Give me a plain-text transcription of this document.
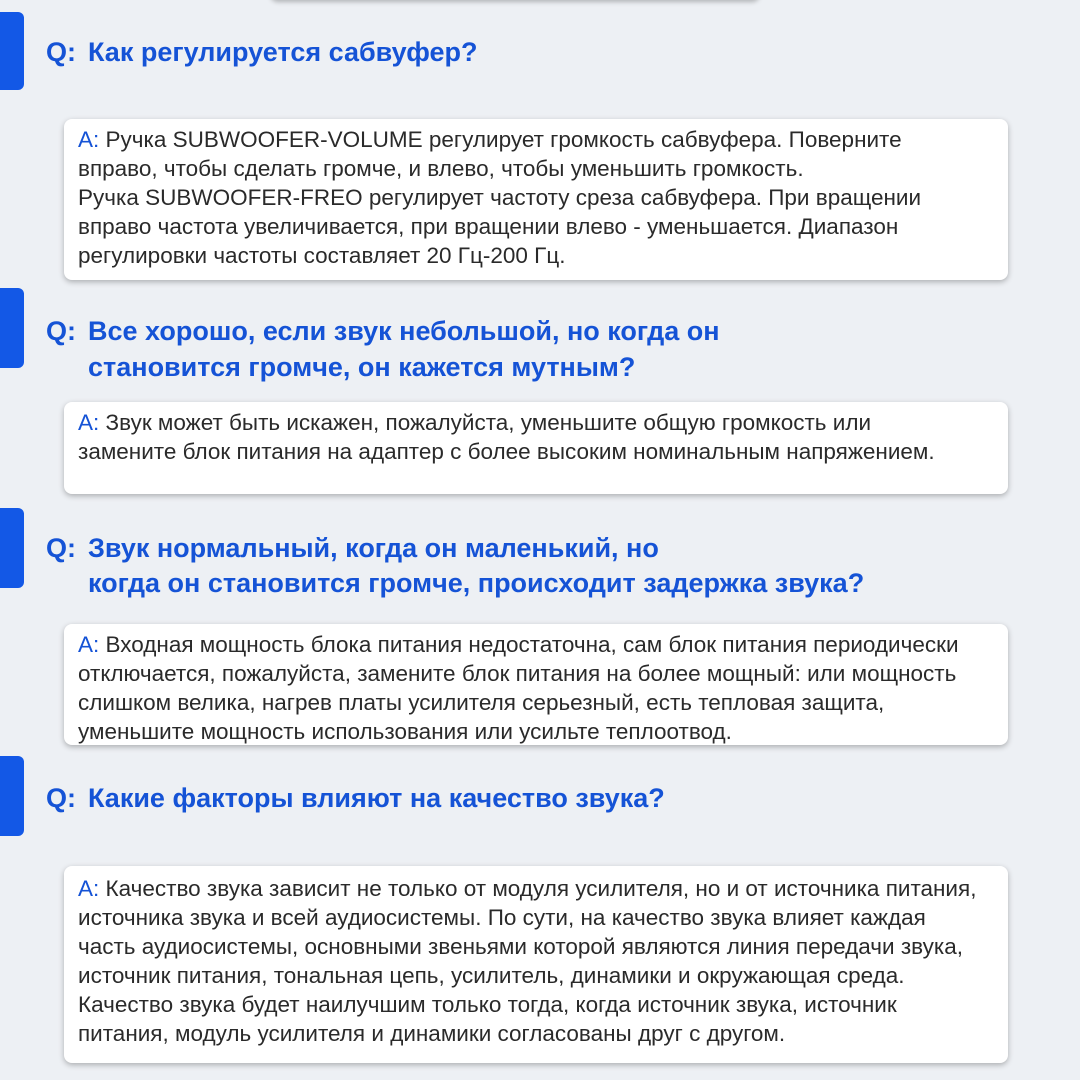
Q: Как регулируется сабвуфер?

A: Ручка SUBWOOFER-VOLUME регулирует громкость сабвуфера. Поверните

вправо, чтобы сделать громче, и влево, чтобы уменьшить громкость.

Ручка SUBWOOFER-FREO регулирует частоту среза сабвуфера. При вращении

вправо частота увеличивается, при вращении влево - уменьшается. Диапазон

регулировки частоты составляет 20 Гц-200 Гц.

Q: Все хорошо, если звук небольшой, но когда он
становится громче, он кажется мутным?

A: Звук может быть искажен, пожалуйста, уменьшите общую громкость или

замените блок питания на адаптер с более высоким номинальным напряжением.

Q: Звук нормальный, когда он маленький, но
когда он становится громче, происходит задержка звука?

A: Входная мощность блока питания недостаточна, сам блок питания периодически

отключается, пожалуйста, замените блок питания на более мощный: или мощность

слишком велика, нагрев платы усилителя серьезный, есть тепловая защита,

уменьшите мощность использования или усильте теплоотвод.

Q: Какие факторы влияют на качество звука?

A: Качество звука зависит не только от модуля усилителя, но и от источника питания,

источника звука и всей аудиосистемы. По сути, на качество звука влияет каждая

часть аудиосистемы, основными звеньями которой являются линия передачи звука,

источник питания, тональная цепь, усилитель, динамики и окружающая среда.

Качество звука будет наилучшим только тогда, когда источник звука, источник

питания, модуль усилителя и динамики согласованы друг с другом.
